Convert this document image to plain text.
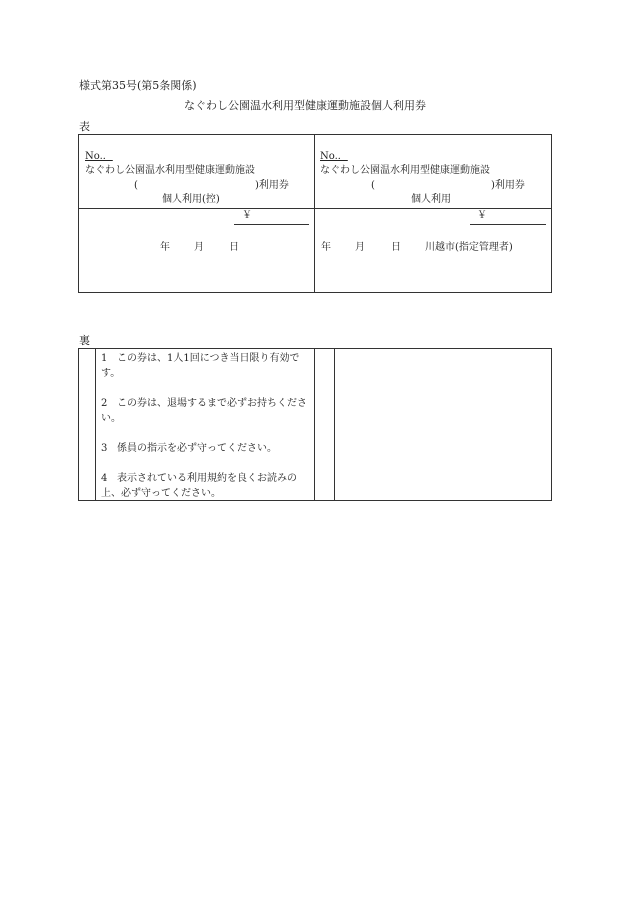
様式第35号(第5条関係)
なぐわし公園温水利用型健康運動施設個人利用券
表
No.．
なぐわし公園温水利用型健康運動施設
(	)利用券
個人利用(控)
￥
年 月	日
No.．
なぐわし公園温水利用型健康運動施設
(	)利用券
個人利用
￥
年 月	日 川越市(指定管理者)
裏
1 この券は、1人1回につき当日限り有効です。
2 この券は、退場するまで必ずお持ちください。
3 係員の指示を必ず守ってください。
4 表示されている利用規約を良くお読みの上、必ず守ってください。
